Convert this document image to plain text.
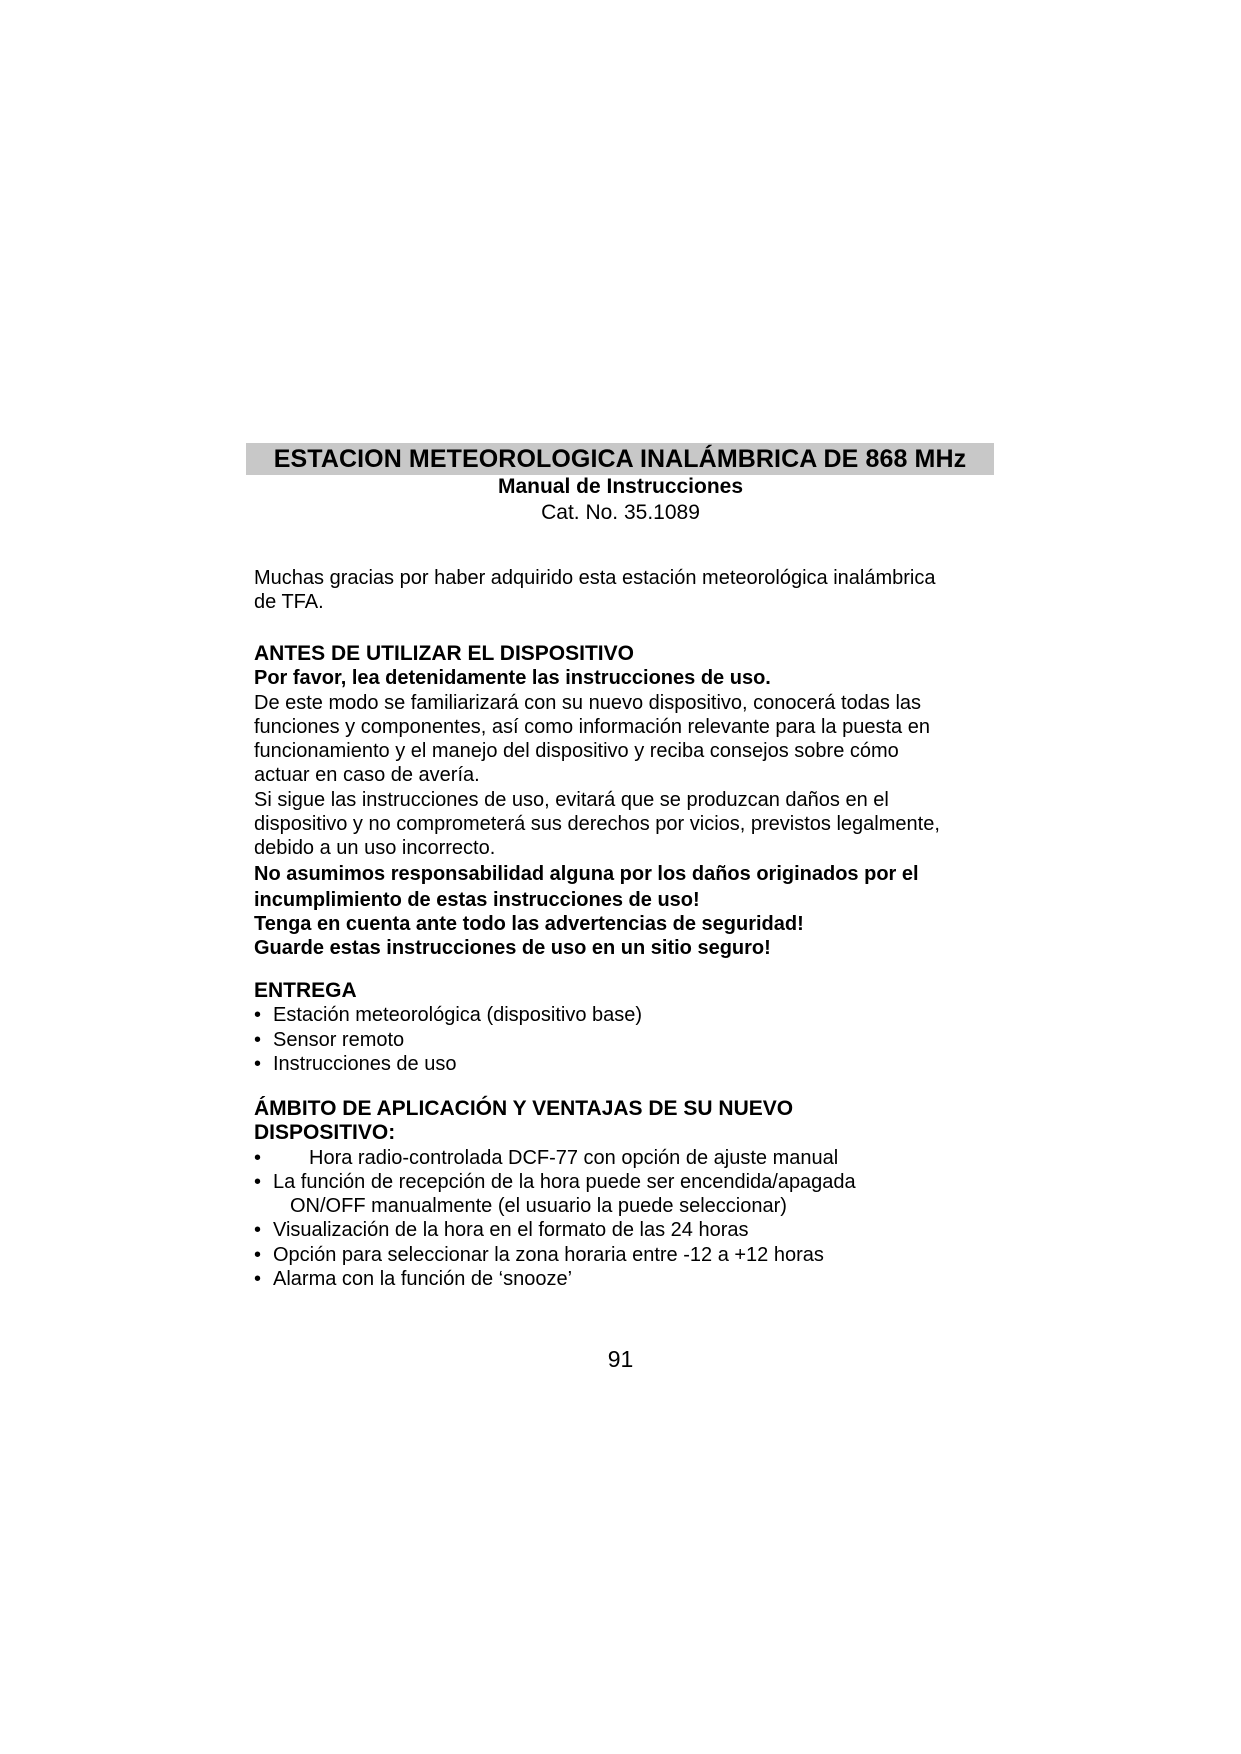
ESTACION METEOROLOGICA INALÁMBRICA DE 868 MHz
Manual de Instrucciones
Cat. No. 35.1089

Muchas gracias por haber adquirido esta estación meteorológica inalámbrica

de TFA.

ANTES DE UTILIZAR EL DISPOSITIVO

Por favor, lea detenidamente las instrucciones de uso.

De este modo se familiarizará con su nuevo dispositivo, conocerá todas las

funciones y componentes, así como información relevante para la puesta en

funcionamiento y el manejo del dispositivo y reciba consejos sobre cómo

actuar en caso de avería.

Si sigue las instrucciones de uso, evitará que se produzcan daños en el

dispositivo y no comprometerá sus derechos por vicios, previstos legalmente,

debido a un uso incorrecto.

No asumimos responsabilidad alguna por los daños originados por el

incumplimiento de estas instrucciones de uso!

Tenga en cuenta ante todo las advertencias de seguridad!

Guarde estas instrucciones de uso en un sitio seguro!

ENTREGA

• Estación meteorológica (dispositivo base)
• Sensor remoto
• Instrucciones de uso

ÁMBITO DE APLICACIÓN Y VENTAJAS DE SU NUEVO

DISPOSITIVO:

• Hora radio-controlada DCF-77 con opción de ajuste manual
• La función de recepción de la hora puede ser encendida/apagada
ON/OFF manualmente (el usuario la puede seleccionar)
• Visualización de la hora en el formato de las 24 horas
• Opción para seleccionar la zona horaria entre -12 a +12 horas
• Alarma con la función de ‘snooze’
91
